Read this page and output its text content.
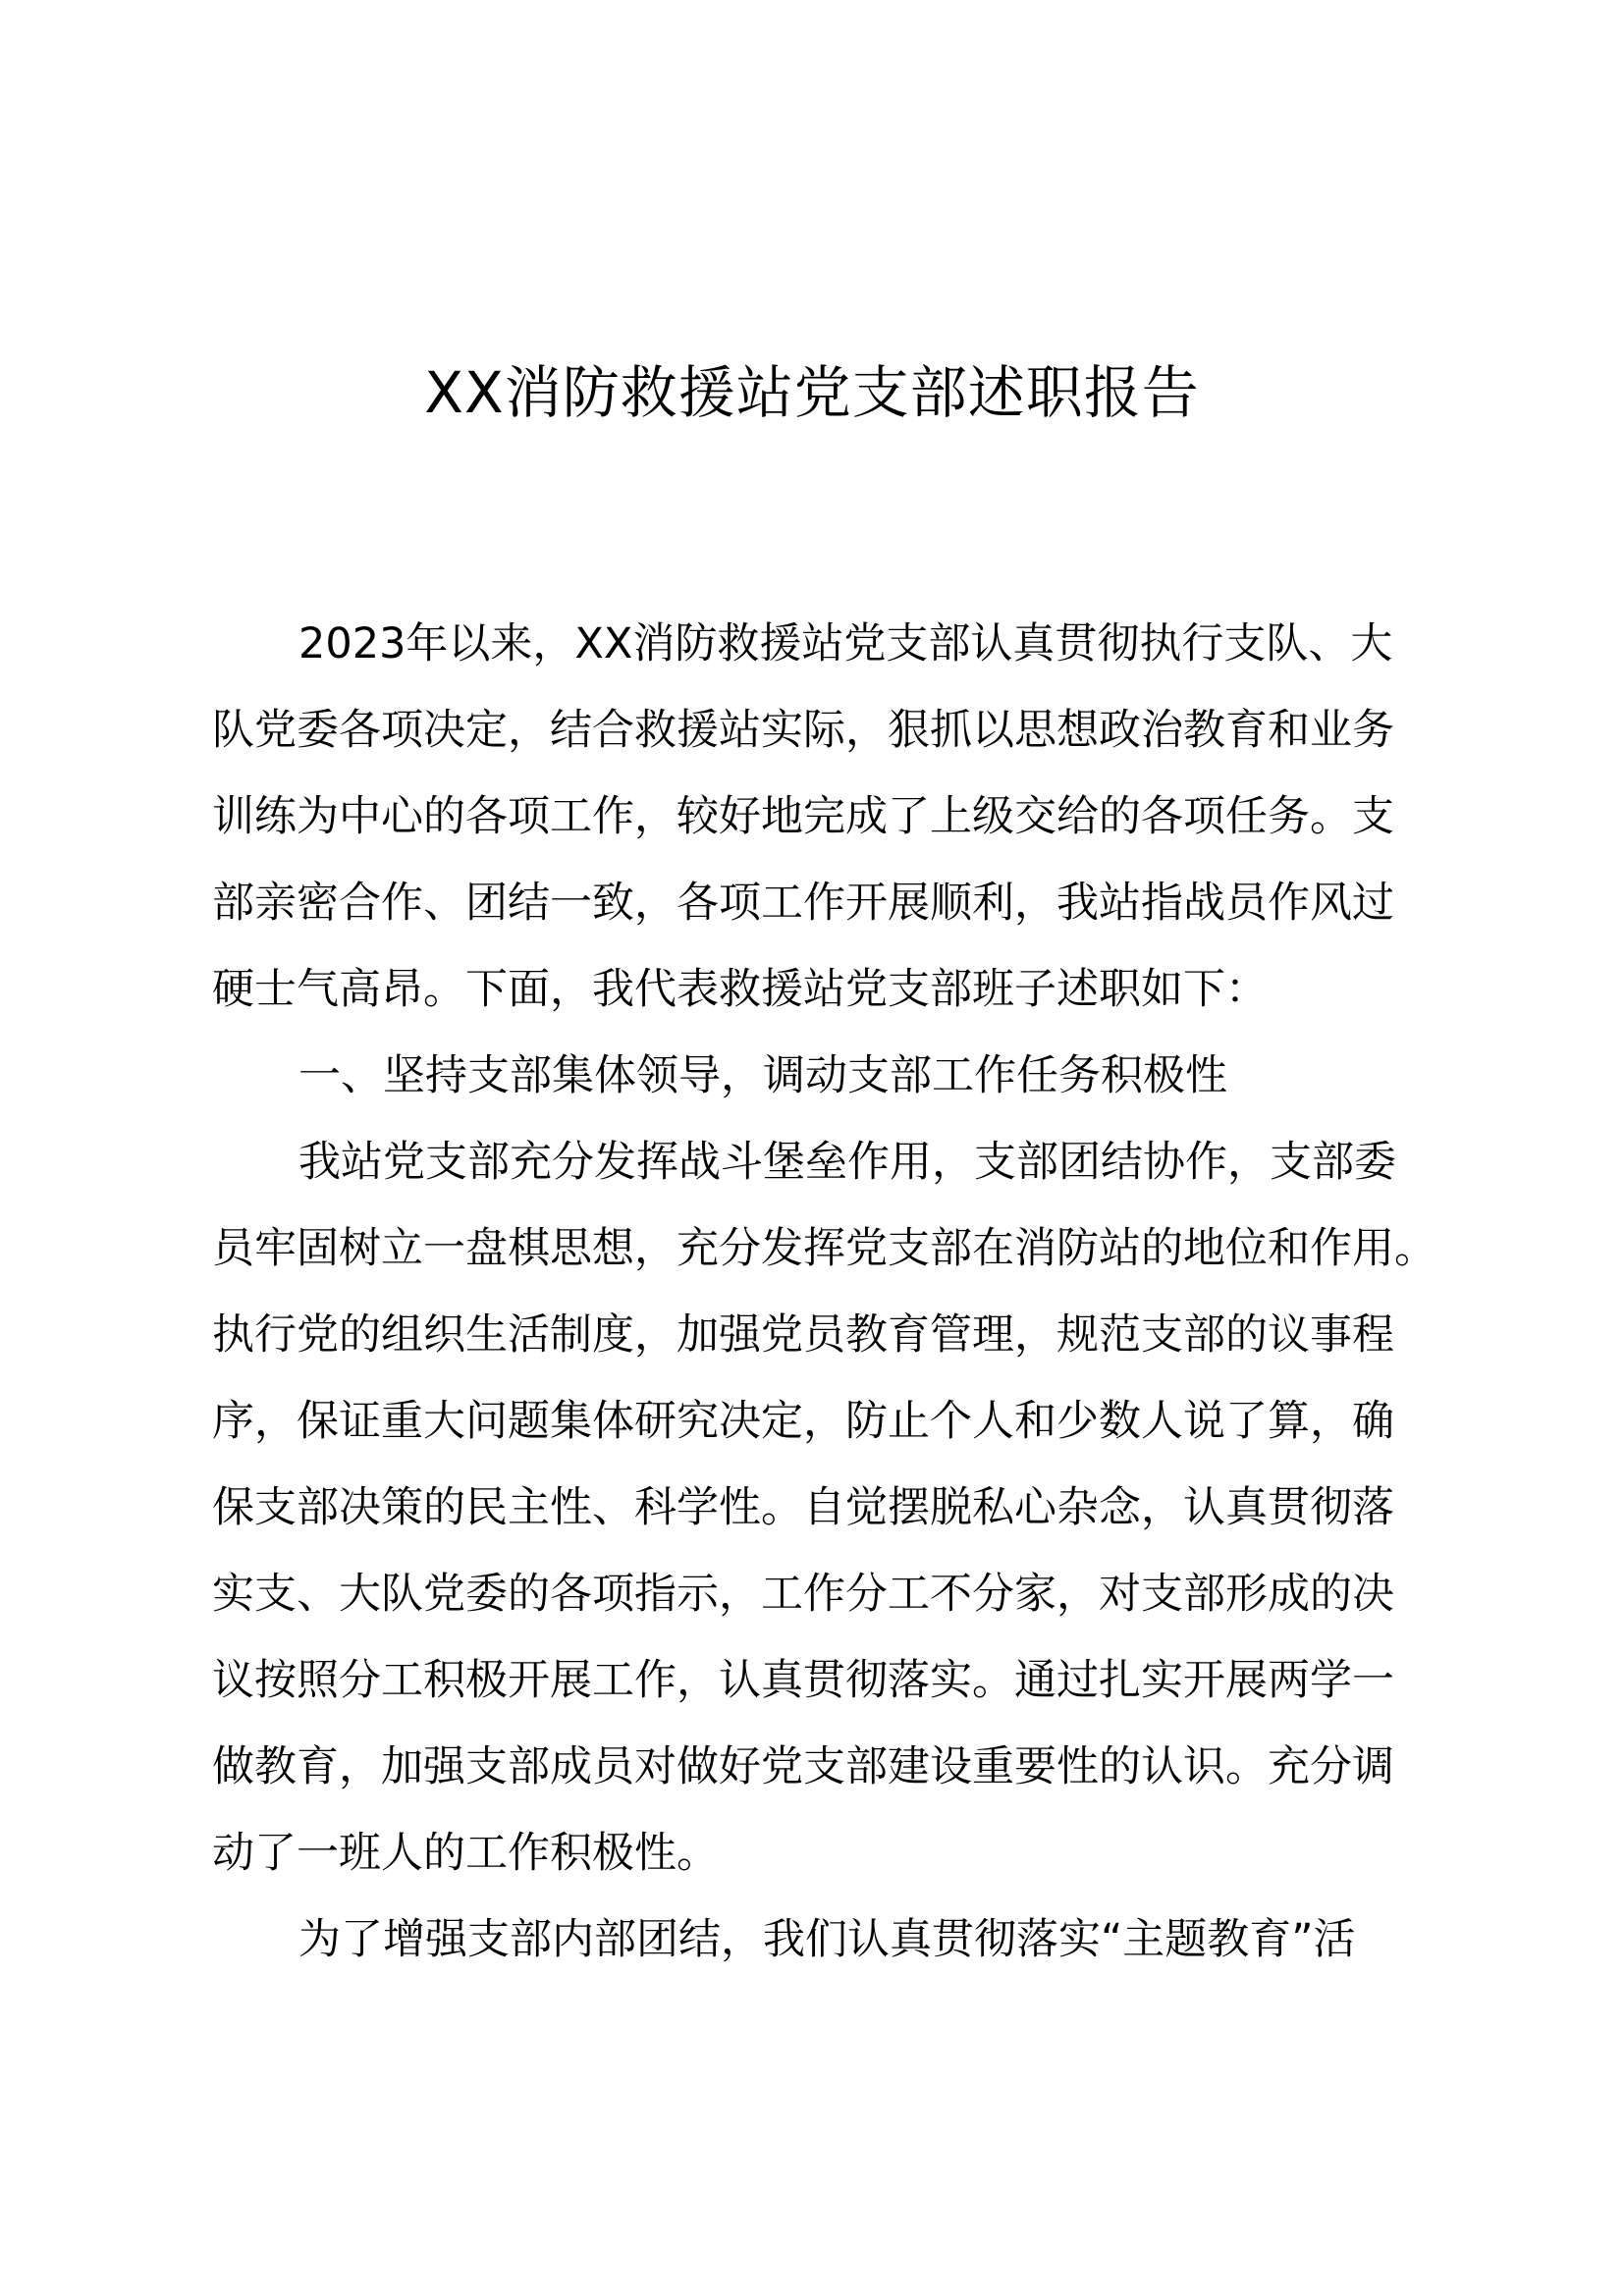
XX消防救援站党支部述职报告
2023年以来，XX消防救援站党支部认真贯彻执行支队、大
队党委各项决定，结合救援站实际，狠抓以思想政治教育和业务
训练为中心的各项工作，较好地完成了上级交给的各项任务。支
部亲密合作、团结一致，各项工作开展顺利，我站指战员作风过
硬士气高昂。下面，我代表救援站党支部班子述职如下：
一、坚持支部集体领导，调动支部工作任务积极性
我站党支部充分发挥战斗堡垒作用，支部团结协作，支部委
员牢固树立一盘棋思想，充分发挥党支部在消防站的地位和作用。
执行党的组织生活制度，加强党员教育管理，规范支部的议事程
序，保证重大问题集体研究决定，防止个人和少数人说了算，确
保支部决策的民主性、科学性。自觉摆脱私心杂念，认真贯彻落
实支、大队党委的各项指示，工作分工不分家，对支部形成的决
议按照分工积极开展工作，认真贯彻落实。通过扎实开展两学一
做教育，加强支部成员对做好党支部建设重要性的认识。充分调
动了一班人的工作积极性。
为了增强支部内部团结，我们认真贯彻落实“主题教育”活
